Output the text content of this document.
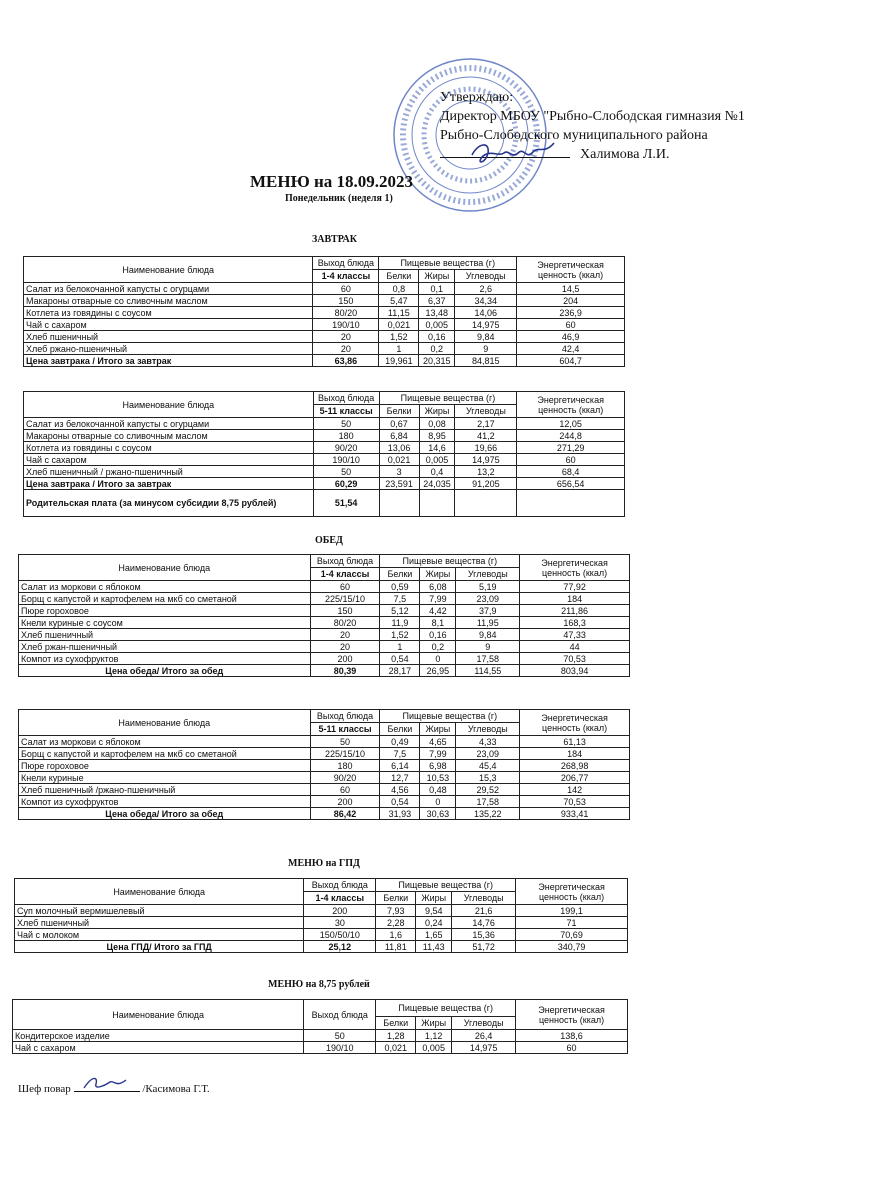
Утверждаю:
Директор МБОУ "Рыбно-Слободская гимназия №1
Рыбно-Слободского муниципального района
Халимова Л.И.
МЕНЮ на 18.09.2023
Понедельник (неделя 1)
ЗАВТРАК
Наименование блюда	Выход блюда	Пищевые вещества (г)			Энергетическая
ценность (ккал)
	1-4 классы	Белки	Жиры	Углеводы	
Салат из белокочанной капусты с огурцами	60	0,8	0,1	2,6	14,5
Макароны отварные со сливочным маслом	150	5,47	6,37	34,34	204
Котлета из говядины с соусом	80/20	11,15	13,48	14,06	236,9
Чай с сахаром	190/10	0,021	0,005	14,975	60
Хлеб пшеничный	20	1,52	0,16	9,84	46,9
Хлеб ржано-пшеничный	20	1	0,2	9	42,4
Цена завтрака / Итого за завтрак	63,86	19,961	20,315	84,815	604,7
Наименование блюда	Выход блюда	Пищевые вещества (г)			Энергетическая
ценность (ккал)
	5-11 классы	Белки	Жиры	Углеводы	
Салат из белокочанной капусты с огурцами	50	0,67	0,08	2,17	12,05
Макароны отварные со сливочным маслом	180	6,84	8,95	41,2	244,8
Котлета из говядины с соусом	90/20	13,06	14,6	19,66	271,29
Чай с сахаром	190/10	0,021	0,005	14,975	60
Хлеб пшеничный / ржано-пшеничный	50	3	0,4	13,2	68,4
Цена завтрака / Итого за завтрак	60,29	23,591	24,035	91,205	656,54
Родительская плата (за минусом субсидии 8,75 рублей)	51,54				
ОБЕД
Наименование блюда	Выход блюда	Пищевые вещества (г)			Энергетическая
ценность (ккал)
	1-4 классы	Белки	Жиры	Углеводы	
Салат из моркови с яблоком	60	0,59	6,08	5,19	77,92
Борщ с капустой и картофелем на мкб со сметаной	225/15/10	7,5	7,99	23,09	184
Пюре гороховое	150	5,12	4,42	37,9	211,86
Кнели куриные с соусом	80/20	11,9	8,1	11,95	168,3
Хлеб пшеничный	20	1,52	0,16	9,84	47,33
Хлеб ржан-пшеничный	20	1	0,2	9	44
Компот из сухофруктов	200	0,54	0	17,58	70,53
Цена обеда/ Итого за обед	80,39	28,17	26,95	114,55	803,94
Наименование блюда	Выход блюда	Пищевые вещества (г)			Энергетическая
ценность (ккал)
	5-11 классы	Белки	Жиры	Углеводы	
Салат из моркови с яблоком	50	0,49	4,65	4,33	61,13
Борщ с капустой и картофелем на мкб со сметаной	225/15/10	7,5	7,99	23,09	184
Пюре гороховое	180	6,14	6,98	45,4	268,98
Кнели куриные	90/20	12,7	10,53	15,3	206,77
Хлеб пшеничный /ржано-пшеничный	60	4,56	0,48	29,52	142
Компот из сухофруктов	200	0,54	0	17,58	70,53
Цена обеда/ Итого за обед	86,42	31,93	30,63	135,22	933,41
МЕНЮ на ГПД
Наименование блюда	Выход блюда	Пищевые вещества (г)			Энергетическая
ценность (ккал)
	1-4 классы	Белки	Жиры	Углеводы	
Суп молочный вермишелевый	200	7,93	9,54	21,6	199,1
Хлеб пшеничный	30	2,28	0,24	14,76	71
Чай с молоком	150/50/10	1,6	1,65	15,36	70,69
Цена ГПД/ Итого за ГПД	25,12	11,81	11,43	51,72	340,79
МЕНЮ на 8,75 рублей
Наименование блюда	Выход блюда	Пищевые вещества (г)			Энергетическая
ценность (ккал)
		Белки	Жиры	Углеводы	
Кондитерское изделие	50	1,28	1,12	26,4	138,6
Чай с сахаром	190/10	0,021	0,005	14,975	60
Шеф повар	/Касимова Г.Т.
